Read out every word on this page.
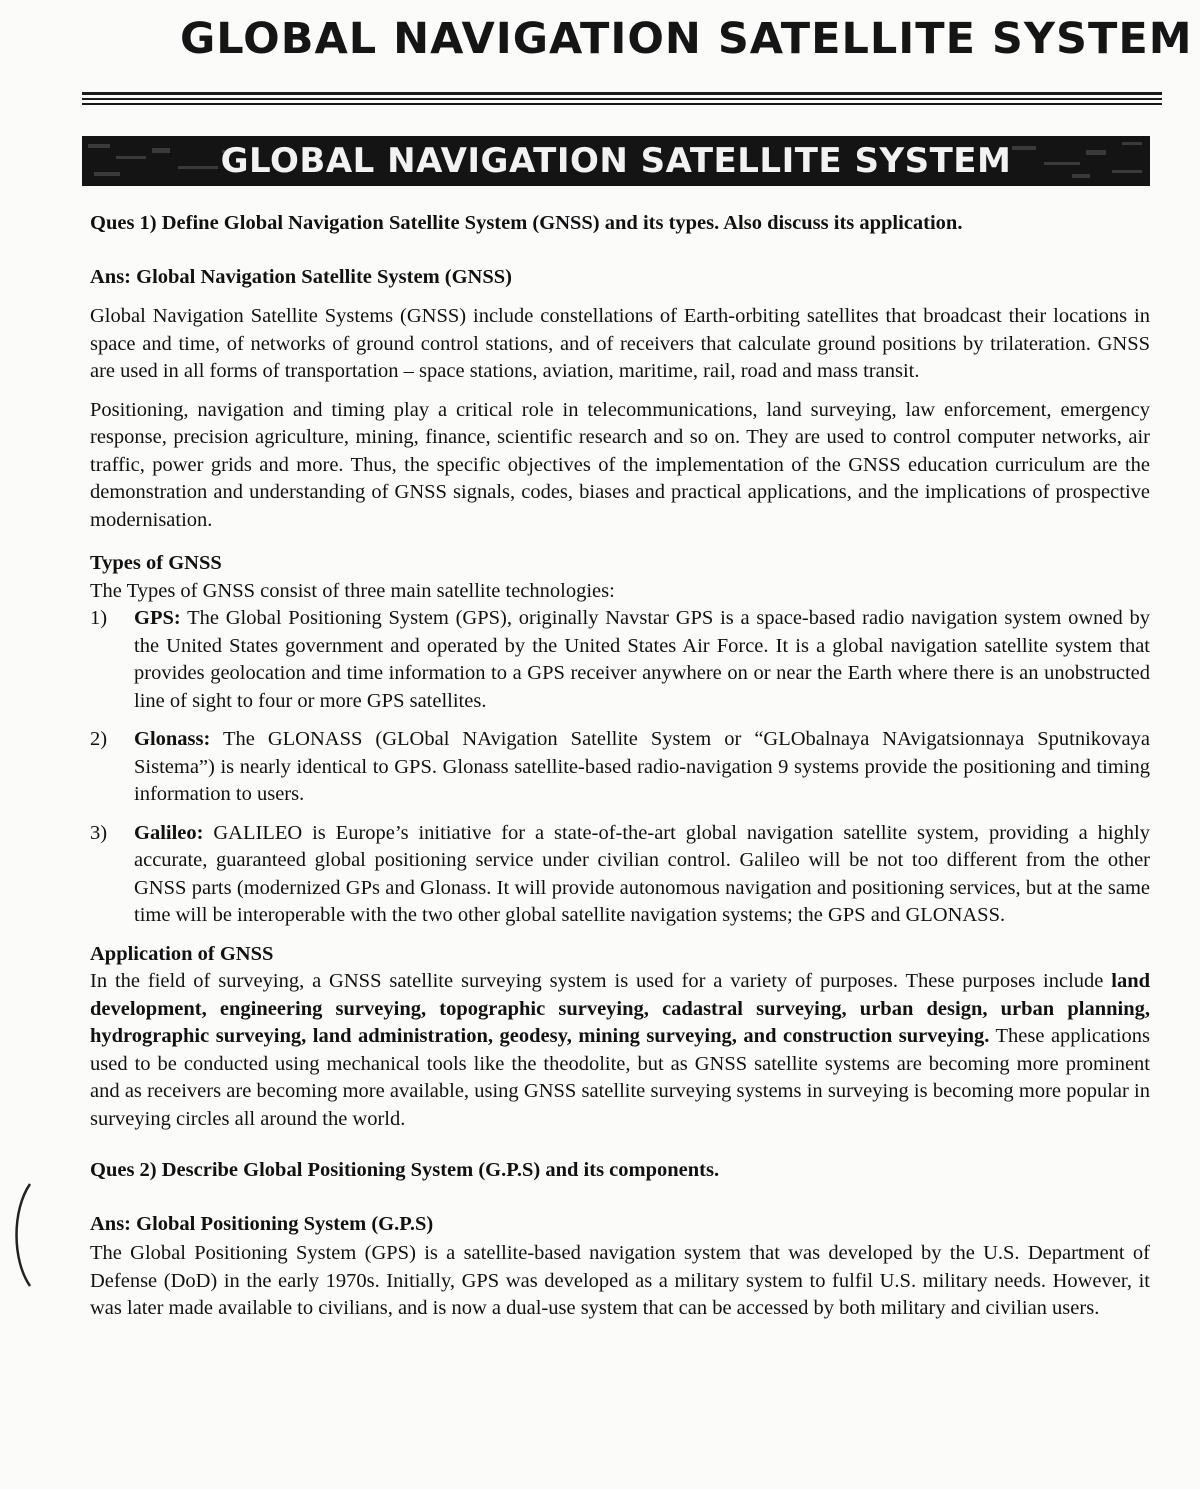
GLOBAL NAVIGATION SATELLITE SYSTEM
GLOBAL NAVIGATION SATELLITE SYSTEM
Ques 1) Define Global Navigation Satellite System (GNSS) and its types. Also discuss its application.
Ans: Global Navigation Satellite System (GNSS)

Global Navigation Satellite Systems (GNSS) include constellations of Earth-orbiting satellites that broadcast their locations in space and time, of networks of ground control stations, and of receivers that calculate ground positions by trilateration. GNSS are used in all forms of transportation – space stations, aviation, maritime, rail, road and mass transit.

Positioning, navigation and timing play a critical role in telecommunications, land surveying, law enforcement, emergency response, precision agriculture, mining, finance, scientific research and so on. They are used to control computer networks, air traffic, power grids and more. Thus, the specific objectives of the implementation of the GNSS education curriculum are the demonstration and understanding of GNSS signals, codes, biases and practical applications, and the implications of prospective modernisation.

Types of GNSS
The Types of GNSS consist of three main satellite technologies:
1)	GPS: The Global Positioning System (GPS), originally Navstar GPS is a space-based radio navigation system owned by the United States government and operated by the United States Air Force. It is a global navigation satellite system that provides geolocation and time information to a GPS receiver anywhere on or near the Earth where there is an unobstructed line of sight to four or more GPS satellites.
2)	Glonass: The GLONASS (GLObal NAvigation Satellite System or “GLObalnaya NAvigatsionnaya Sputnikovaya Sistema”) is nearly identical to GPS. Glonass satellite-based radio-navigation 9 systems provide the positioning and timing information to users.
3)	Galileo: GALILEO is Europe’s initiative for a state-of-the-art global navigation satellite system, providing a highly accurate, guaranteed global positioning service under civilian control. Galileo will be not too different from the other GNSS parts (modernized GPs and Glonass. It will provide autonomous navigation and positioning services, but at the same time will be interoperable with the two other global satellite navigation systems; the GPS and GLONASS.
Application of GNSS

In the field of surveying, a GNSS satellite surveying system is used for a variety of purposes. These purposes include land development, engineering surveying, topographic surveying, cadastral surveying, urban design, urban planning, hydrographic surveying, land administration, geodesy, mining surveying, and construction surveying. These applications used to be conducted using mechanical tools like the theodolite, but as GNSS satellite systems are becoming more prominent and as receivers are becoming more available, using GNSS satellite surveying systems in surveying is becoming more popular in surveying circles all around the world.

Ques 2) Describe Global Positioning System (G.P.S) and its components.
Ans: Global Positioning System (G.P.S)

The Global Positioning System (GPS) is a satellite-based navigation system that was developed by the U.S. Department of Defense (DoD) in the early 1970s. Initially, GPS was developed as a military system to fulfil U.S. military needs. However, it was later made available to civilians, and is now a dual-use system that can be accessed by both military and civilian users.
